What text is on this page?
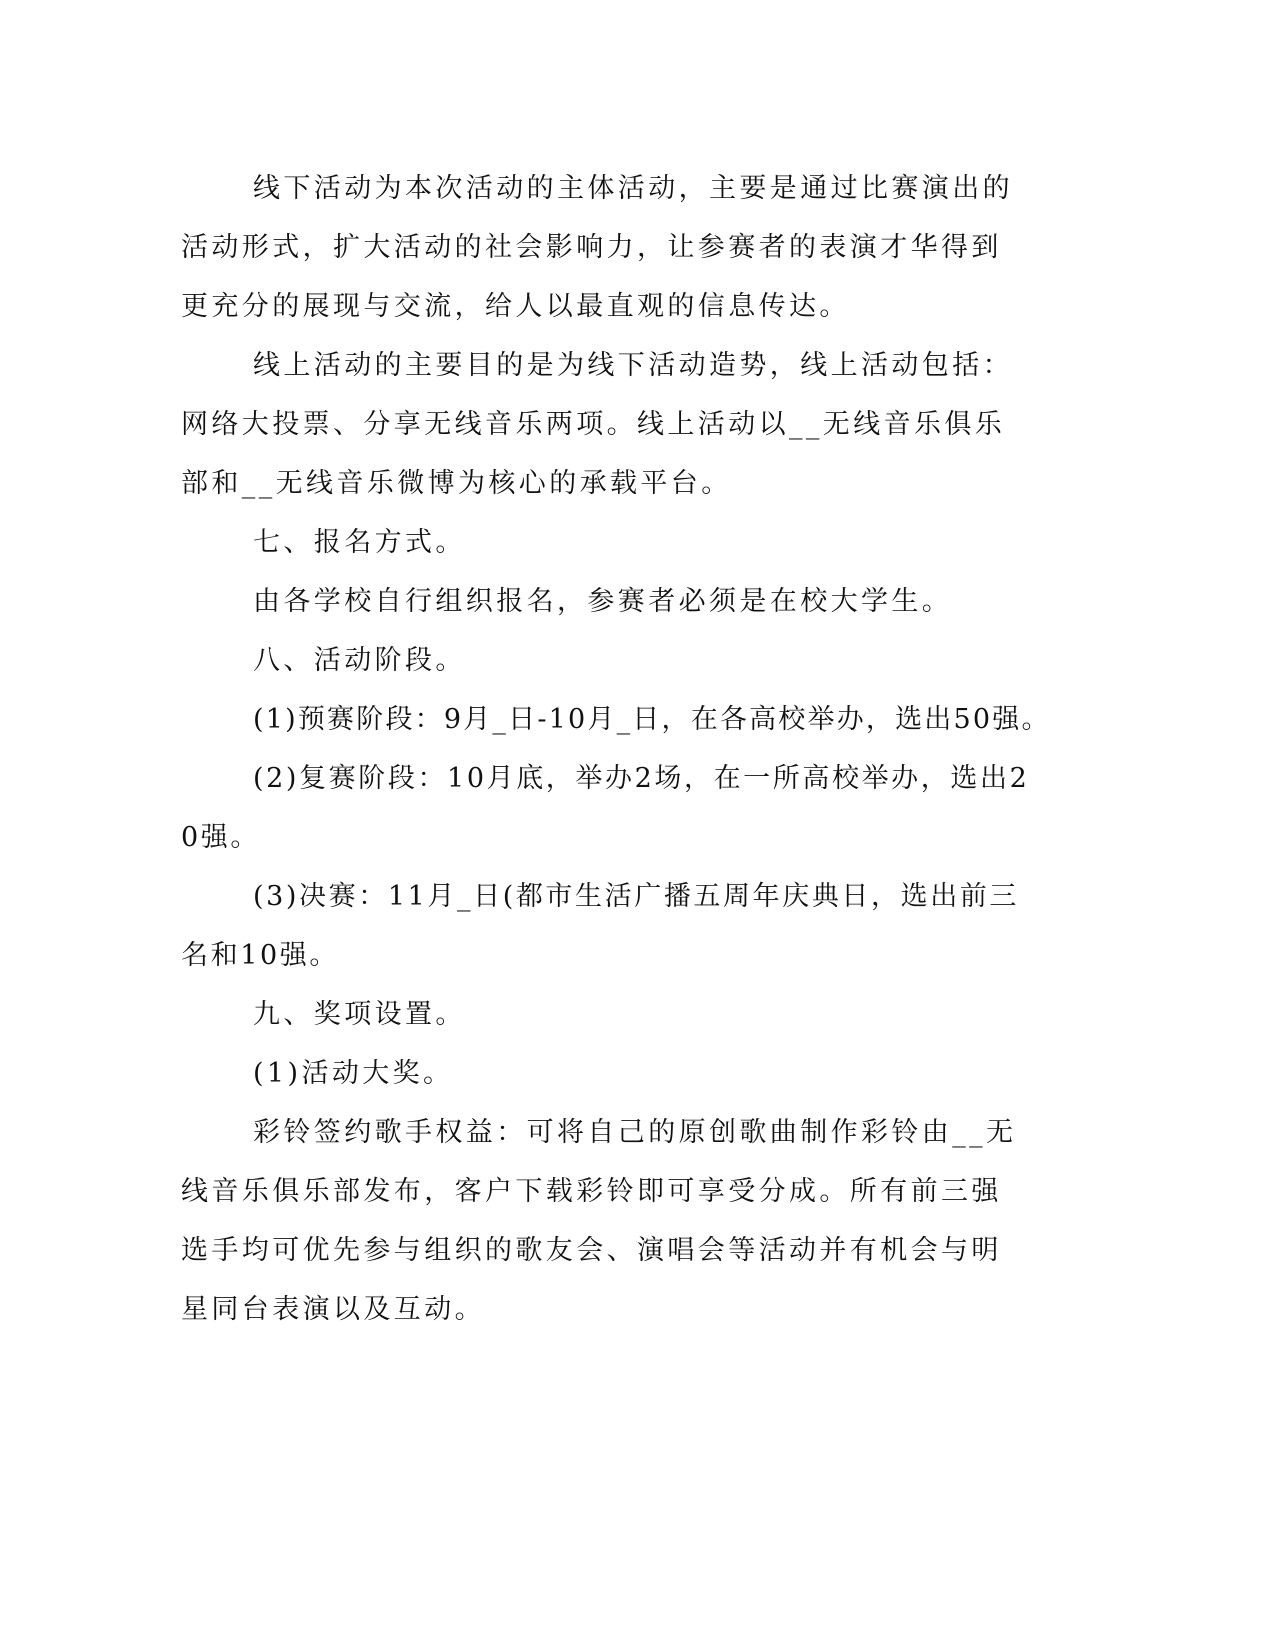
线下活动为本次活动的主体活动，主要是通过比赛演出的活动形式，扩大活动的社会影响力，让参赛者的表演才华得到更充分的展现与交流，给人以最直观的信息传达。

线上活动的主要目的是为线下活动造势，线上活动包括：网络大投票、分享无线音乐两项。线上活动以__无线音乐俱乐部和__无线音乐微博为核心的承载平台。

七、报名方式。

由各学校自行组织报名，参赛者必须是在校大学生。

八、活动阶段。

(1)预赛阶段：9月_日-10月_日，在各高校举办，选出50强。

(2)复赛阶段：10月底，举办2场，在一所高校举办，选出20强。

(3)决赛：11月_日(都市生活广播五周年庆典日，选出前三名和10强。

九、奖项设置。

(1)活动大奖。

彩铃签约歌手权益：可将自己的原创歌曲制作彩铃由__无线音乐俱乐部发布，客户下载彩铃即可享受分成。所有前三强选手均可优先参与组织的歌友会、演唱会等活动并有机会与明星同台表演以及互动。
